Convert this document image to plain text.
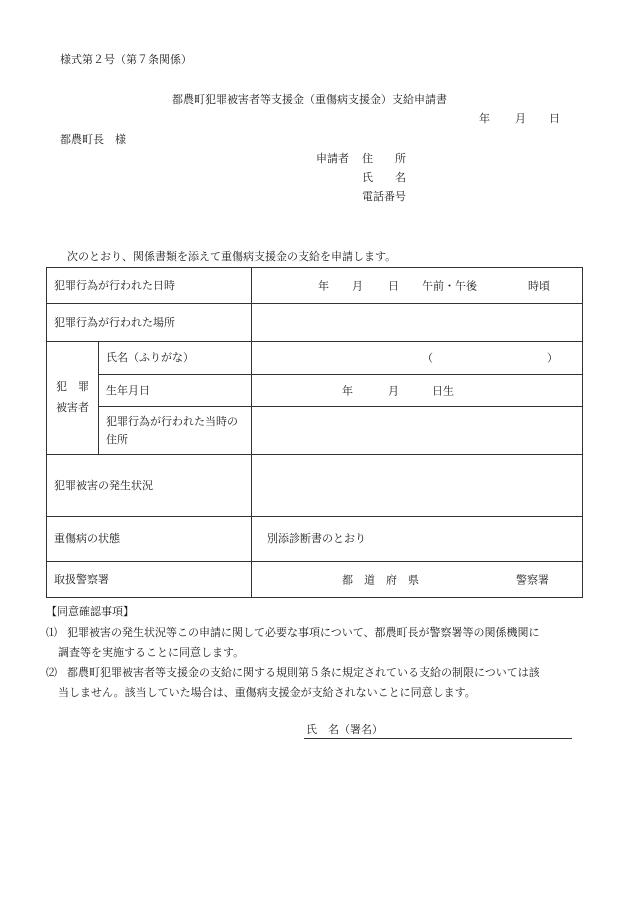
様式第２号（第７条関係）
都農町犯罪被害者等支援金（重傷病支援金）支給申請書
年 月 日
都農町長　様
申請者 住　　所
氏　　名
電話番号
次のとおり、関係書類を添えて重傷病支援金の支給を申請します。
犯罪行為が行われた日時		年 月 日 午前・午後 時頃

犯罪行為が行われた場所		

犯　罪
被害者	氏名（ふりがな）	（ ）

	生年月日	年 月 日生

	犯罪行為が行われた当時の住所	
犯罪被害の発生状況		
重傷病の状態		別添診断書のとおり
取扱警察署		都　道　府　県 警察署
【同意確認事項】
⑴ 犯罪被害の発生状況等この申請に関して必要な事項について、都農町長が警察署等の関係機関に
調査等を実施することに同意します。
⑵ 都農町犯罪被害者等支援金の支給に関する規則第５条に規定されている支給の制限については該
当しません。該当していた場合は、重傷病支援金が支給されないことに同意します。
氏　名（署名）
